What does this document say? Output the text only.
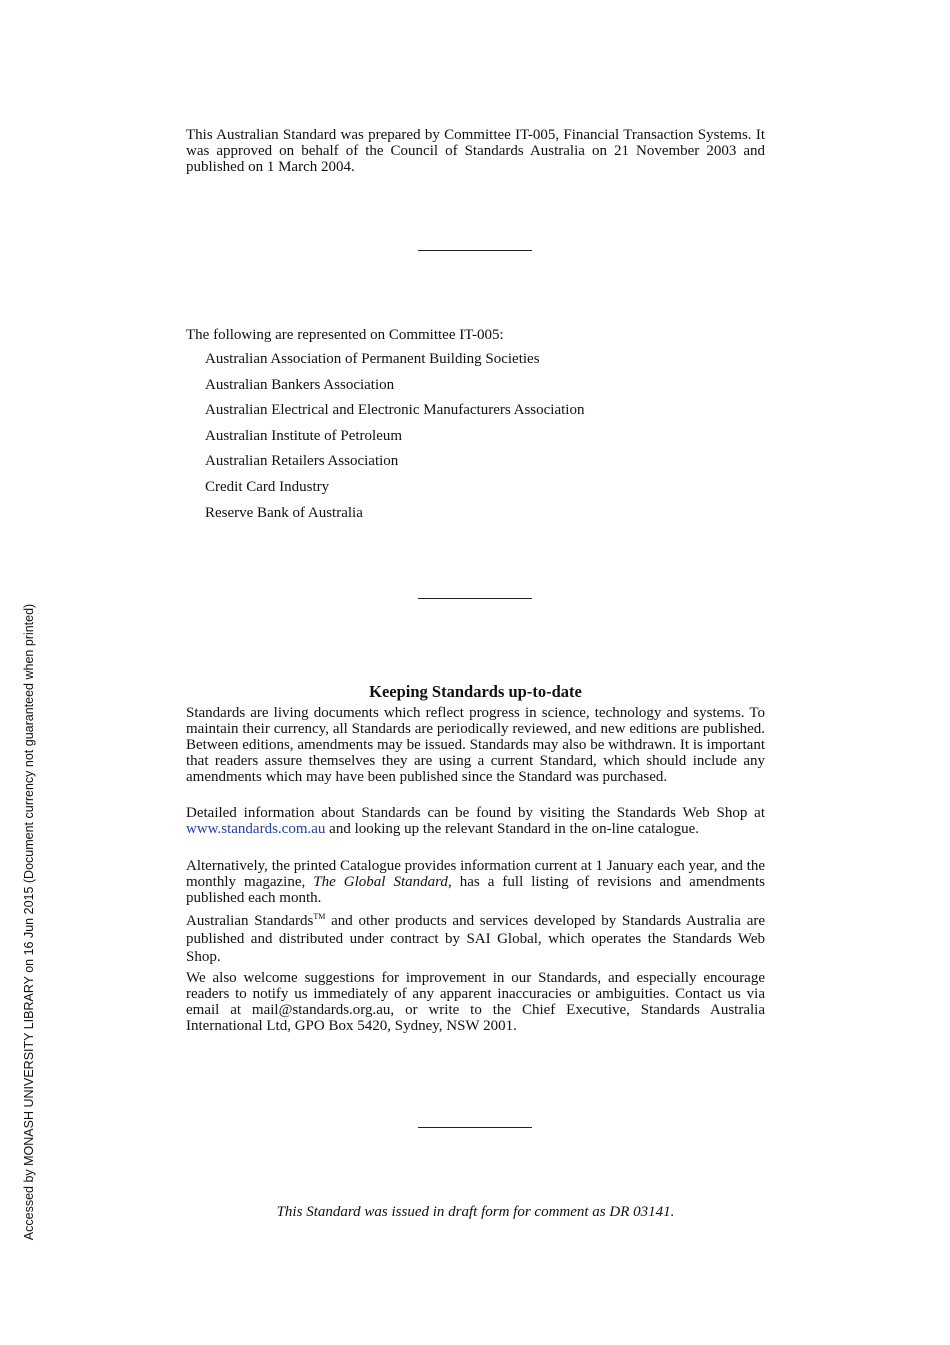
This Australian Standard was prepared by Committee IT-005, Financial Transaction Systems. It was approved on behalf of the Council of Standards Australia on 21 November 2003 and published on 1 March 2004.
The following are represented on Committee IT-005:
Australian Association of Permanent Building Societies
Australian Bankers Association
Australian Electrical and Electronic Manufacturers Association
Australian Institute of Petroleum
Australian Retailers Association
Credit Card Industry
Reserve Bank of Australia
Keeping Standards up-to-date

Standards are living documents which reflect progress in science, technology and systems. To maintain their currency, all Standards are periodically reviewed, and new editions are published. Between editions, amendments may be issued. Standards may also be withdrawn. It is important that readers assure themselves they are using a current Standard, which should include any amendments which may have been published since the Standard was purchased.

Detailed information about Standards can be found by visiting the Standards Web Shop at www.standards.com.au and looking up the relevant Standard in the on-line catalogue.

Alternatively, the printed Catalogue provides information current at 1 January each year, and the monthly magazine, The Global Standard, has a full listing of revisions and amendments published each month.

Australian Standards™ and other products and services developed by Standards Australia are published and distributed under contract by SAI Global, which operates the Standards Web Shop.

We also welcome suggestions for improvement in our Standards, and especially encourage readers to notify us immediately of any apparent inaccuracies or ambiguities. Contact us via email at mail@standards.org.au, or write to the Chief Executive, Standards Australia International Ltd, GPO Box 5420, Sydney, NSW 2001.

This Standard was issued in draft form for comment as DR 03141.
Accessed by MONASH UNIVERSITY LIBRARY on 16 Jun 2015 (Document currency not guaranteed when printed)
